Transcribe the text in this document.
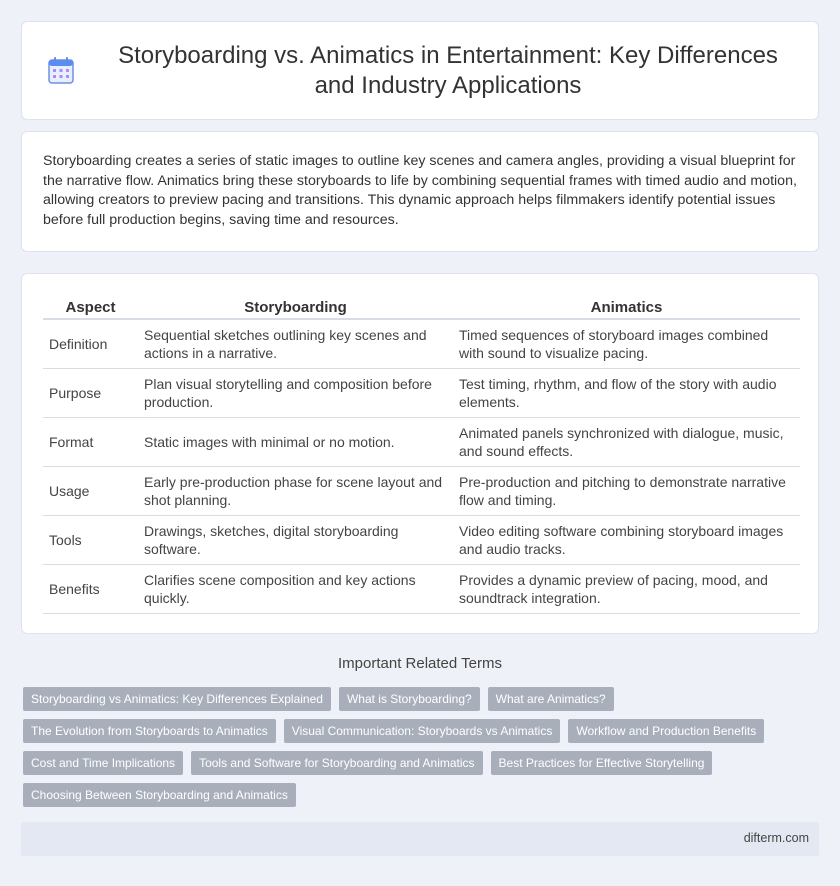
Storyboarding vs. Animatics in Entertainment: Key Differences and Industry Applications

Storyboarding creates a series of static images to outline key scenes and camera angles, providing a visual blueprint for the narrative flow. Animatics bring these storyboards to life by combining sequential frames with timed audio and motion, allowing creators to preview pacing and transitions. This dynamic approach helps filmmakers identify potential issues before full production begins, saving time and resources.

Aspect	Storyboarding	Animatics
Definition	Sequential sketches outlining key scenes and actions in a narrative.	Timed sequences of storyboard images combined with sound to visualize pacing.
Purpose	Plan visual storytelling and composition before production.	Test timing, rhythm, and flow of the story with audio elements.
Format	Static images with minimal or no motion.	Animated panels synchronized with dialogue, music, and sound effects.
Usage	Early pre-production phase for scene layout and shot planning.	Pre-production and pitching to demonstrate narrative flow and timing.
Tools	Drawings, sketches, digital storyboarding software.	Video editing software combining storyboard images and audio tracks.
Benefits	Clarifies scene composition and key actions quickly.	Provides a dynamic preview of pacing, mood, and soundtrack integration.
Important Related Terms
Storyboarding vs Animatics: Key Differences Explained	What is Storyboarding?	What are Animatics?
The Evolution from Storyboards to Animatics	Visual Communication: Storyboards vs Animatics	Workflow and Production Benefits
Cost and Time Implications	Tools and Software for Storyboarding and Animatics	Best Practices for Effective Storytelling
Choosing Between Storyboarding and Animatics
difterm.com
